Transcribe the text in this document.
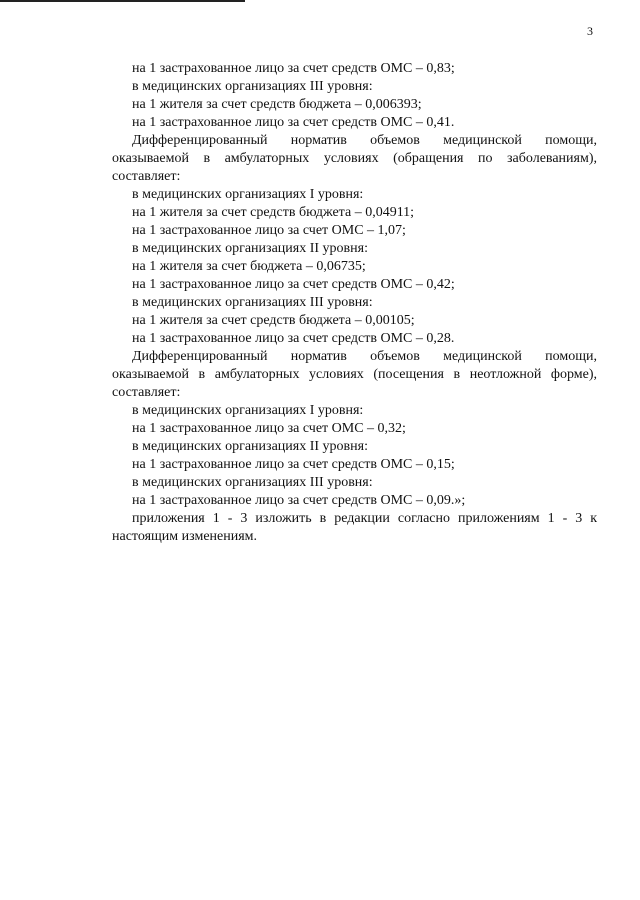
3
на 1 застрахованное лицо за счет средств ОМС – 0,83;
в медицинских организациях III уровня:
на 1 жителя за счет средств бюджета – 0,006393;
на 1 застрахованное лицо за счет средств ОМС – 0,41.

Дифференцированный норматив объемов медицинской помощи, оказываемой в амбулаторных условиях (обращения по заболеваниям), составляет:

в медицинских организациях I уровня:
на 1 жителя за счет средств бюджета – 0,04911;
на 1 застрахованное лицо за счет ОМС – 1,07;
в медицинских организациях II уровня:
на 1 жителя за счет бюджета – 0,06735;
на 1 застрахованное лицо за счет средств ОМС – 0,42;
в медицинских организациях III уровня:
на 1 жителя за счет средств бюджета – 0,00105;
на 1 застрахованное лицо за счет средств ОМС – 0,28.

Дифференцированный норматив объемов медицинской помощи, оказываемой в амбулаторных условиях (посещения в неотложной форме), составляет:

в медицинских организациях I уровня:
на 1 застрахованное лицо за счет ОМС – 0,32;
в медицинских организациях II уровня:
на 1 застрахованное лицо за счет средств ОМС – 0,15;
в медицинских организациях III уровня:
на 1 застрахованное лицо за счет средств ОМС – 0,09.»;

приложения 1 - 3 изложить в редакции согласно приложениям 1 - 3 к настоящим изменениям.
